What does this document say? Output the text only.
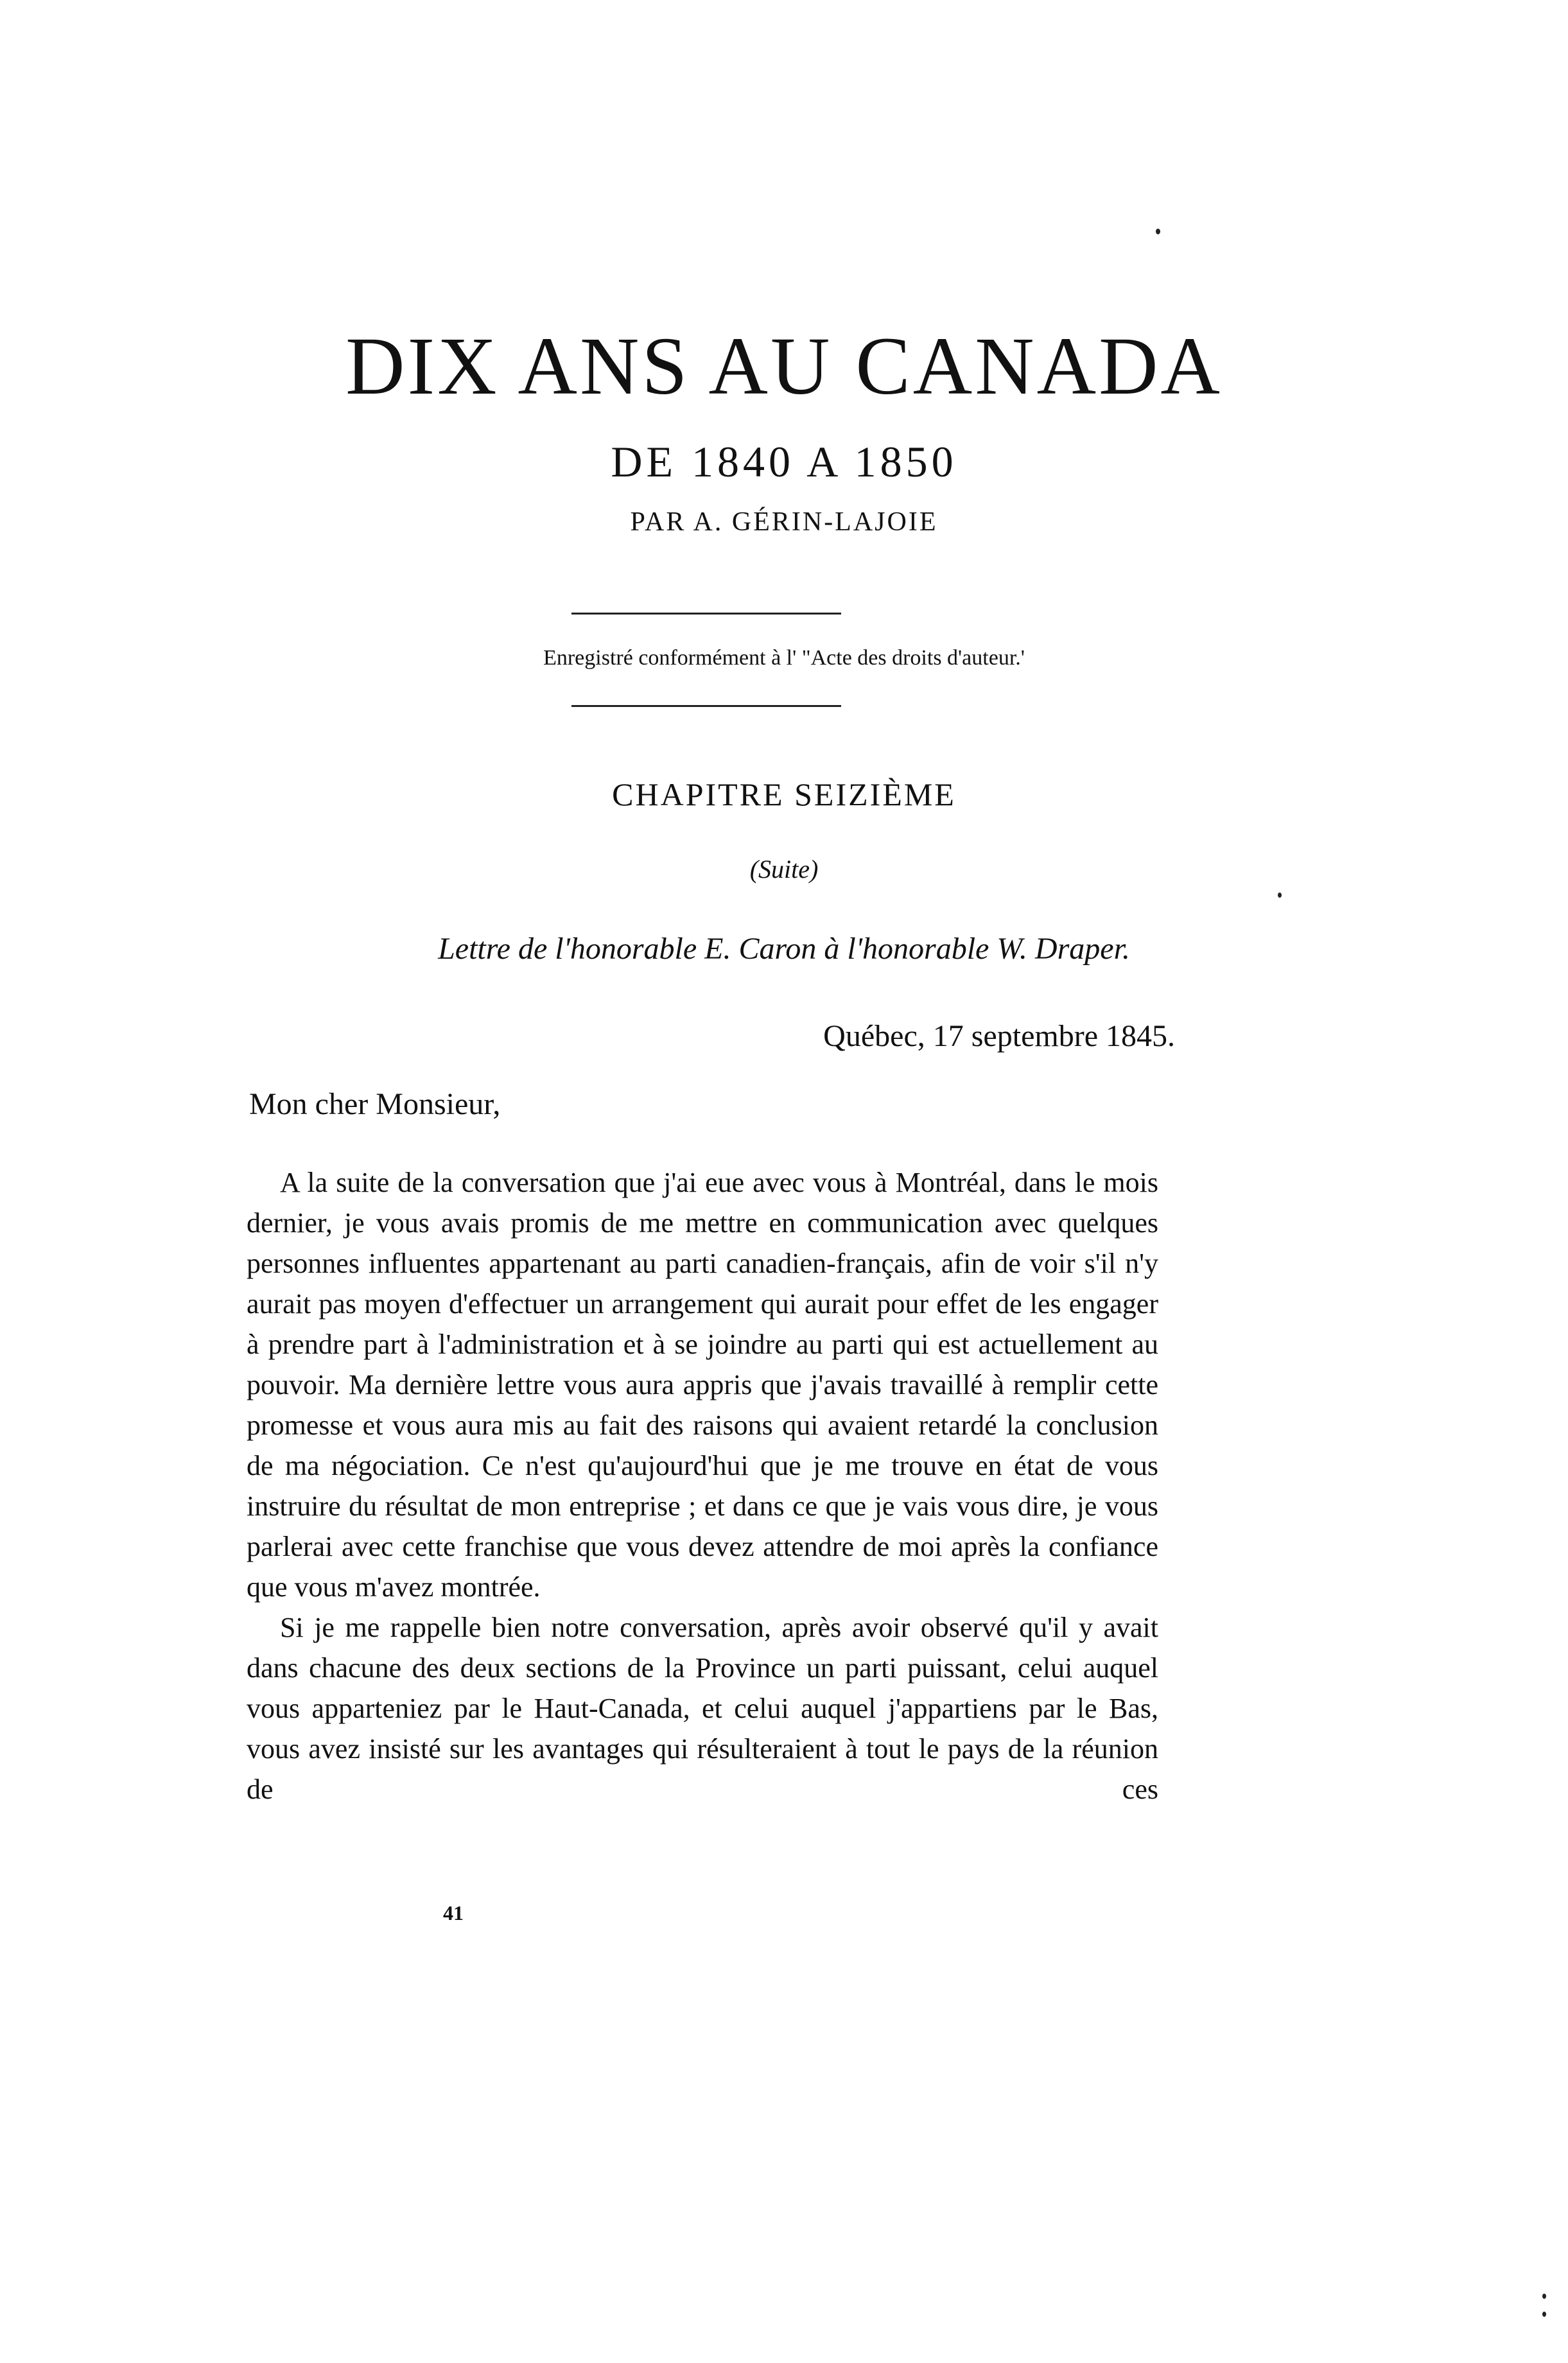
DIX ANS AU CANADA
DE 1840 A 1850
PAR A. GÉRIN-LAJOIE
Enregistré conformément à l' "Acte des droits d'auteur.'
CHAPITRE SEIZIÈME
(Suite)
Lettre de l'honorable E. Caron à l'honorable W. Draper.
Québec, 17 septembre 1845.
Mon cher Monsieur,

A la suite de la conversation que j'ai eue avec vous à Montréal, dans le mois dernier, je vous avais promis de me mettre en communication avec quelques personnes influentes appartenant au parti canadien-français, afin de voir s'il n'y aurait pas moyen d'effectuer un arrangement qui aurait pour effet de les engager à prendre part à l'administration et à se joindre au parti qui est actuellement au pouvoir. Ma dernière lettre vous aura appris que j'avais travaillé à remplir cette promesse et vous aura mis au fait des raisons qui avaient retardé la conclusion de ma négociation. Ce n'est qu'aujourd'hui que je me trouve en état de vous instruire du résultat de mon entreprise ; et dans ce que je vais vous dire, je vous parlerai avec cette franchise que vous devez attendre de moi après la confiance que vous m'avez montrée.

Si je me rappelle bien notre conversation, après avoir observé qu'il y avait dans chacune des deux sections de la Province un parti puissant, celui auquel vous apparteniez par le Haut-Canada, et celui auquel j'appartiens par le Bas, vous avez insisté sur les avantages qui résulteraient à tout le pays de la réunion de ces

41
